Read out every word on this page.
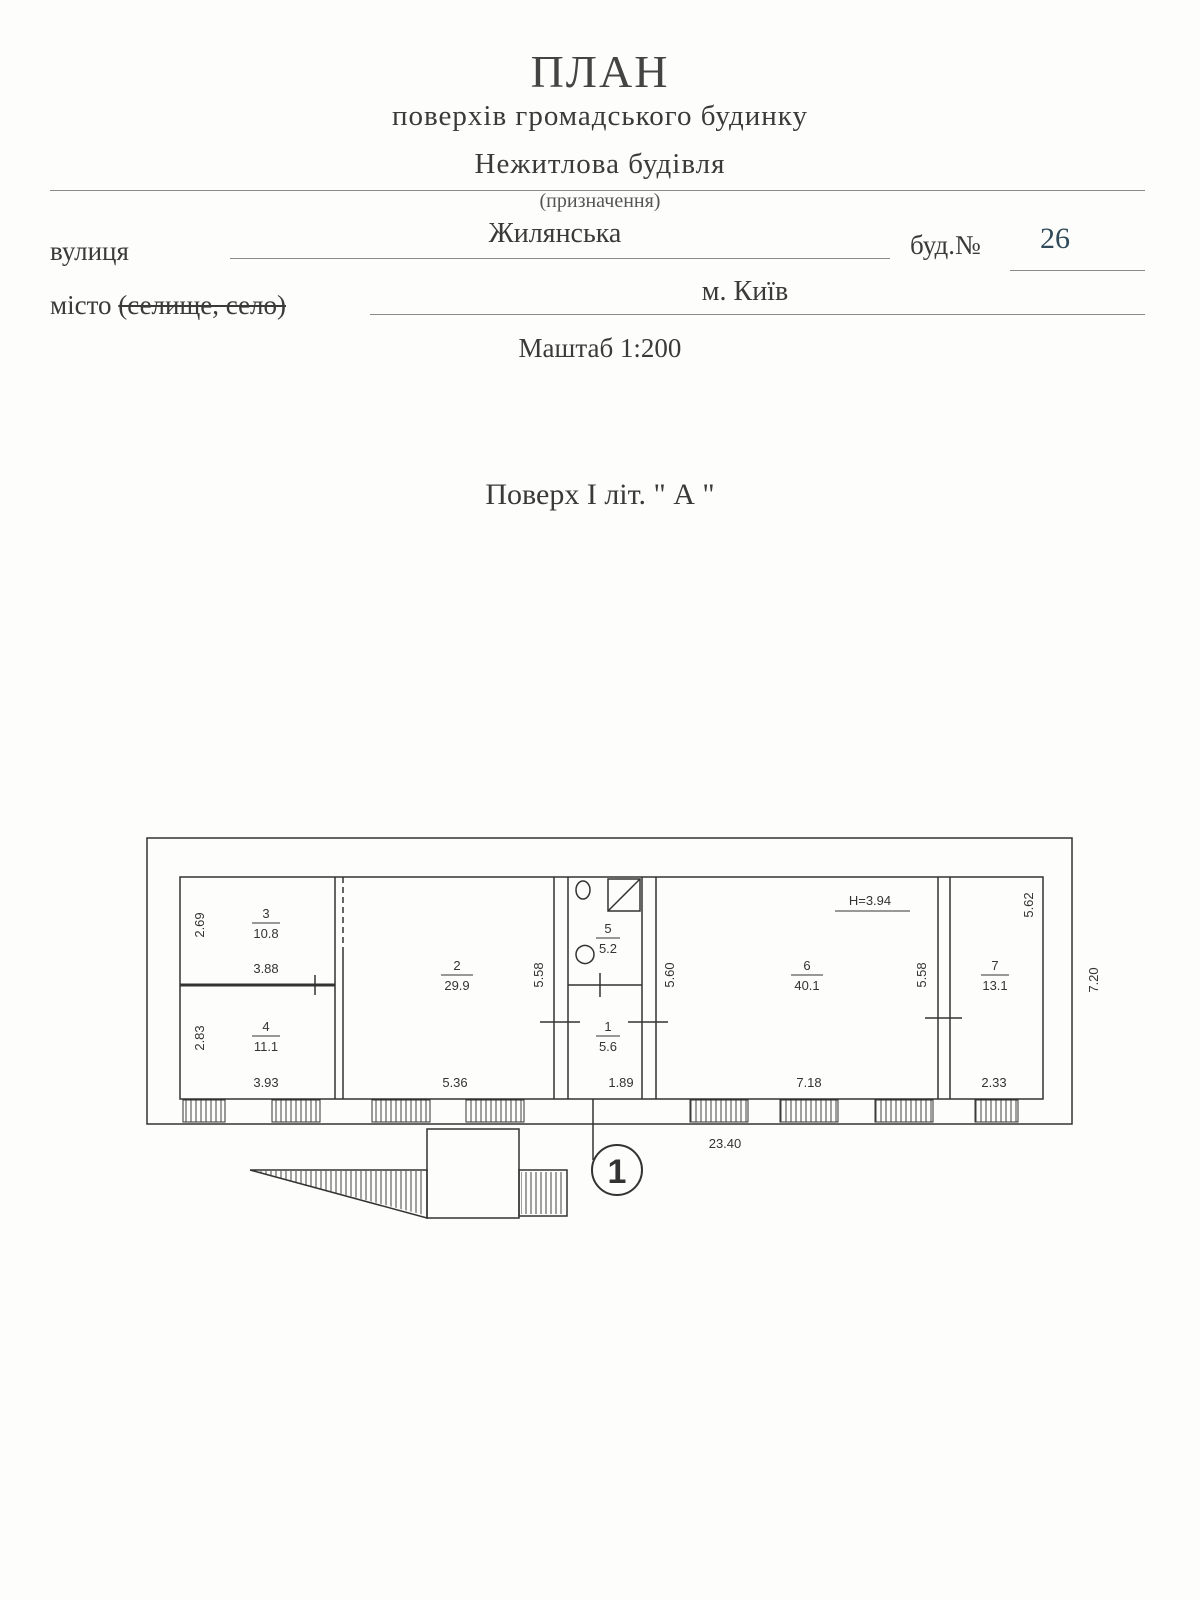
ПЛАН
поверхів громадського будинку
Нежитлова будівля
(призначення)
вулиця
Жилянська	буд.№ 26
місто (селище, село)	м. Київ
Маштаб 1:200
Поверх I літ. " А "
3
10.8
4
11.1
2
29.9
5
5.2
1
5.6
6
40.1
7
13.1
3.88
3.93	5.36	1.89	7.18	2.33
23.40
Н=3.94
2.69
2.83
5.58	5.60	5.58
5.62
7.20
1
